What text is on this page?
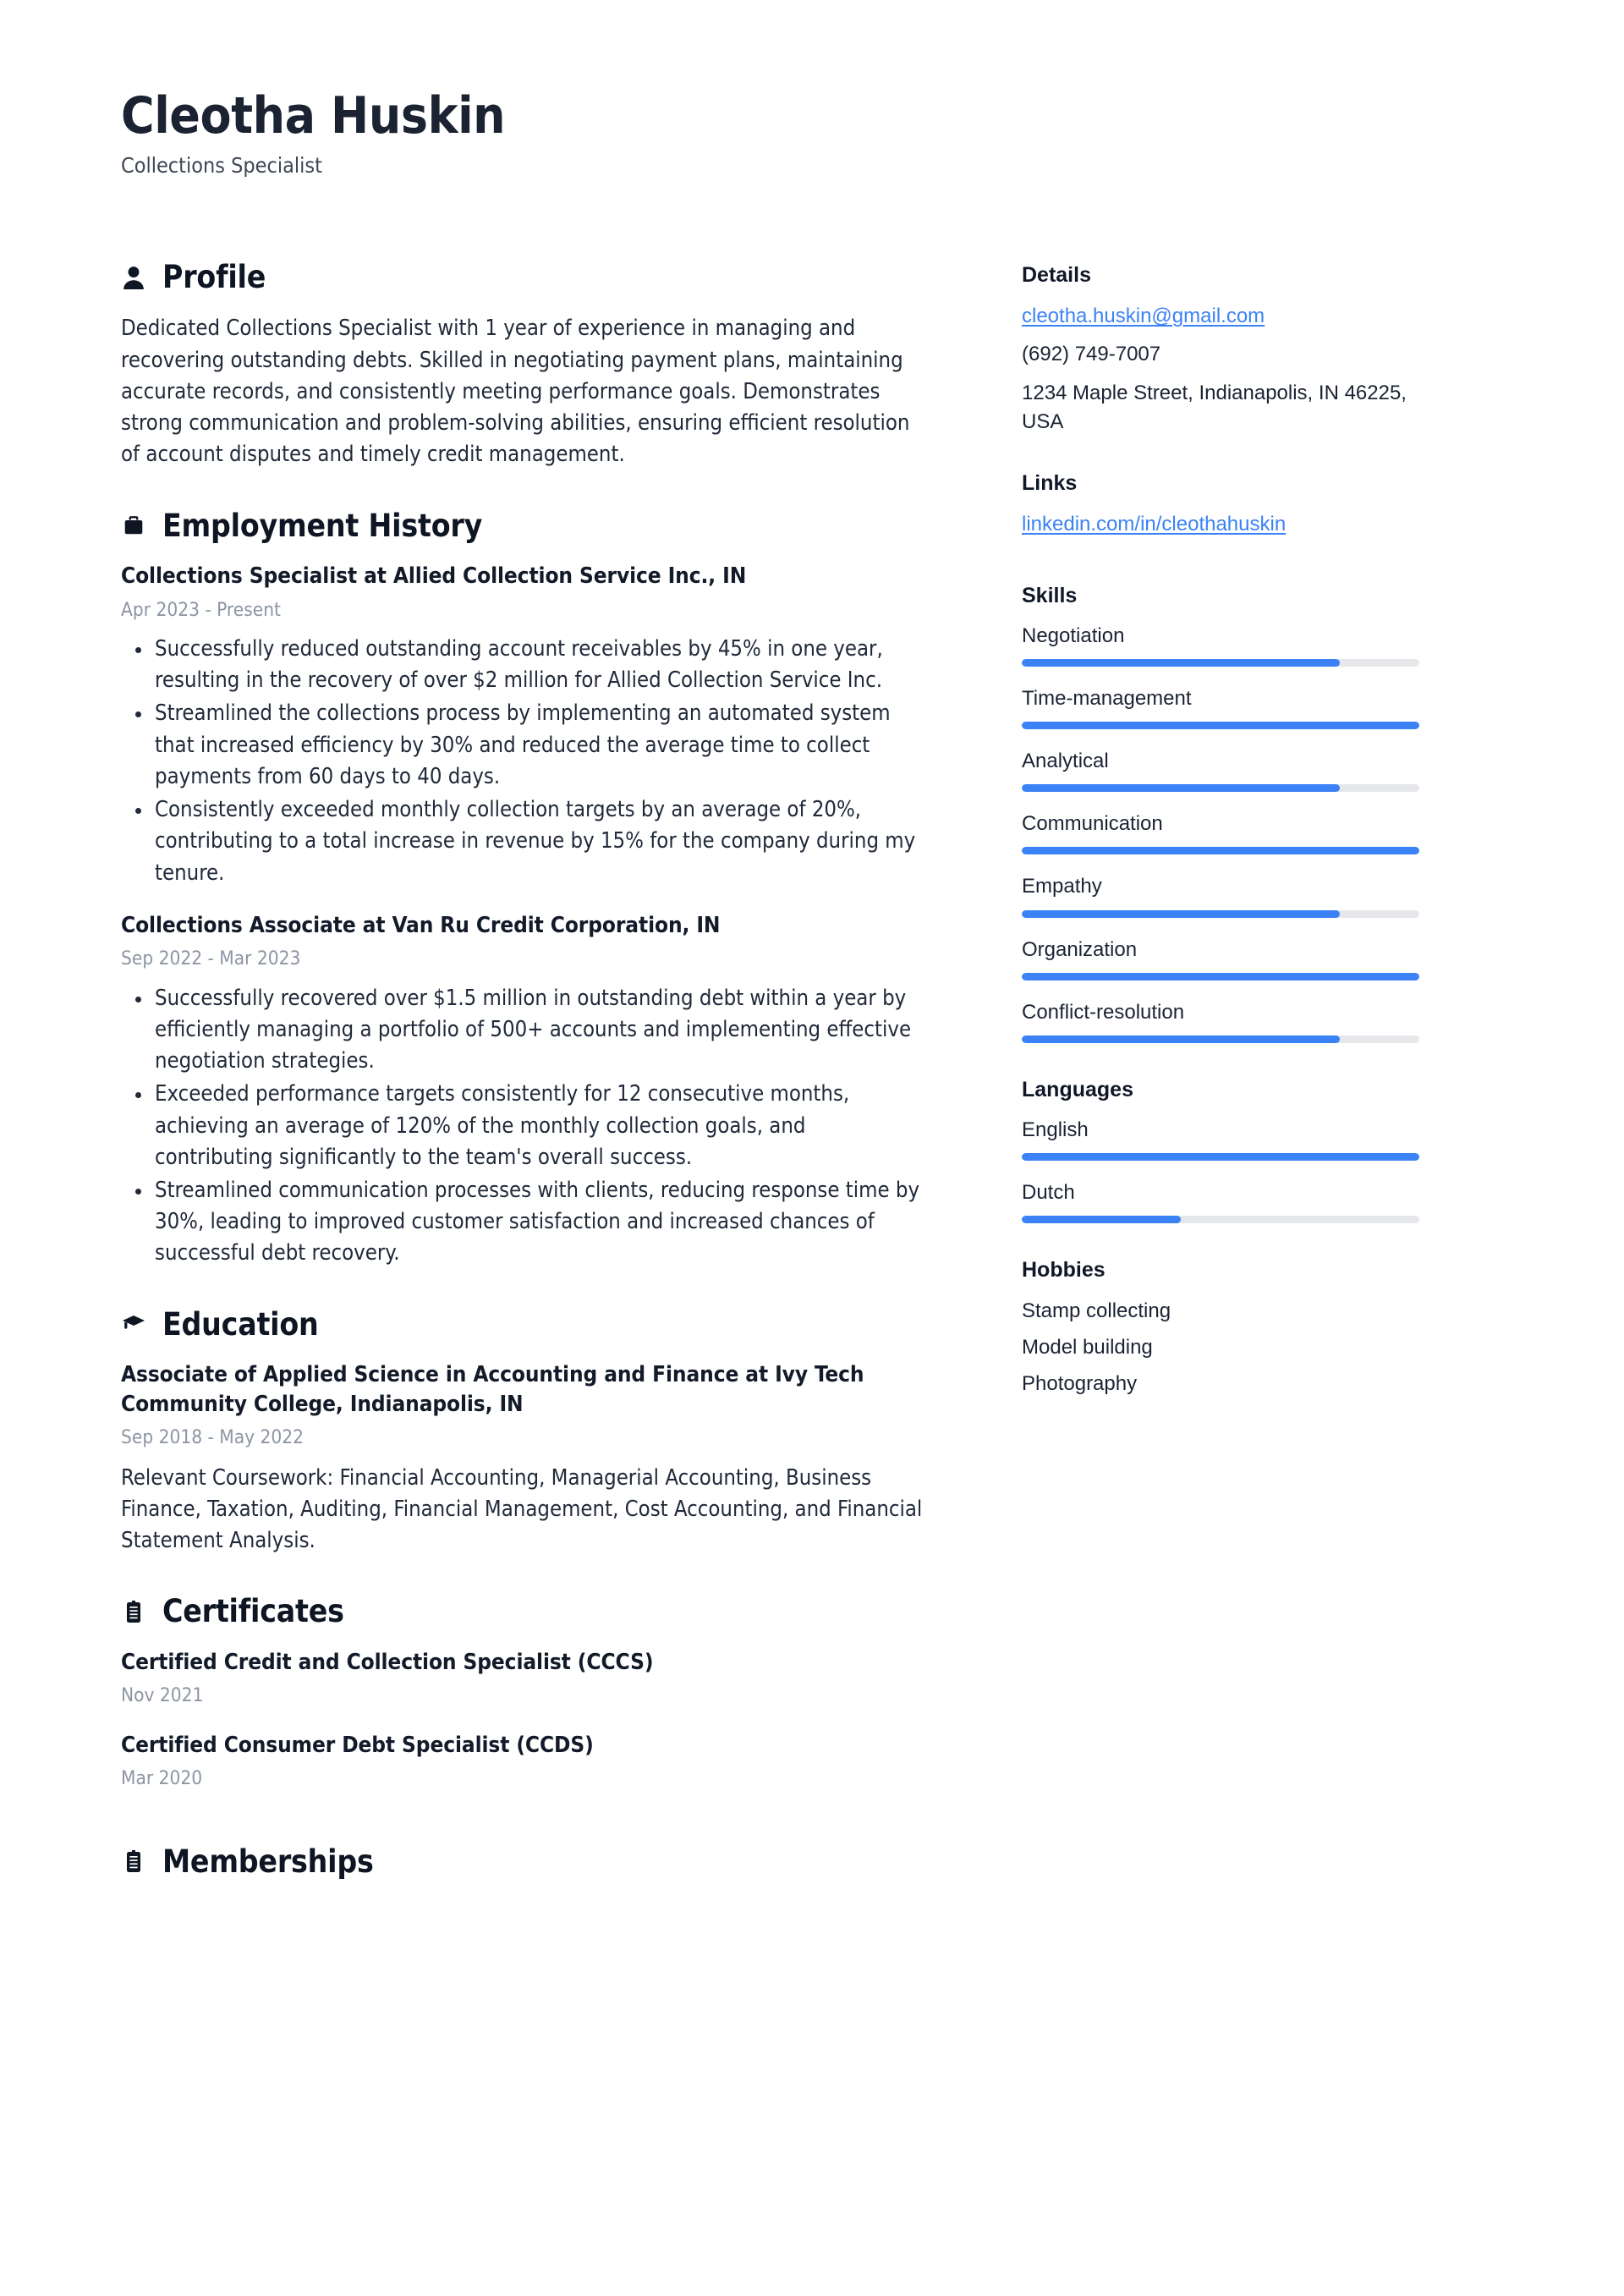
Cleotha Huskin
Collections Specialist
Profile
Dedicated Collections Specialist with 1 year of experience in managing and recovering outstanding debts. Skilled in negotiating payment plans, maintaining accurate records, and consistently meeting performance goals. Demonstrates strong communication and problem-solving abilities, ensuring efficient resolution of account disputes and timely credit management.
Employment History
Collections Specialist at Allied Collection Service Inc., IN
Apr 2023 - Present
Successfully reduced outstanding account receivables by 45% in one year, resulting in the recovery of over $2 million for Allied Collection Service Inc.
Streamlined the collections process by implementing an automated system that increased efficiency by 30% and reduced the average time to collect payments from 60 days to 40 days.
Consistently exceeded monthly collection targets by an average of 20%, contributing to a total increase in revenue by 15% for the company during my tenure.
Collections Associate at Van Ru Credit Corporation, IN
Sep 2022 - Mar 2023
Successfully recovered over $1.5 million in outstanding debt within a year by efficiently managing a portfolio of 500+ accounts and implementing effective negotiation strategies.
Exceeded performance targets consistently for 12 consecutive months, achieving an average of 120% of the monthly collection goals, and contributing significantly to the team's overall success.
Streamlined communication processes with clients, reducing response time by 30%, leading to improved customer satisfaction and increased chances of successful debt recovery.
Education
Associate of Applied Science in Accounting and Finance at Ivy Tech Community College, Indianapolis, IN
Sep 2018 - May 2022
Relevant Coursework: Financial Accounting, Managerial Accounting, Business Finance, Taxation, Auditing, Financial Management, Cost Accounting, and Financial Statement Analysis.
Certificates
Certified Credit and Collection Specialist (CCCS)
Nov 2021
Certified Consumer Debt Specialist (CCDS)
Mar 2020
Memberships
Details
cleotha.huskin@gmail.com
(692) 749-7007
1234 Maple Street, Indianapolis, IN 46225, USA
Links
linkedin.com/in/cleothahuskin
Skills
Negotiation
Time-management
Analytical
Communication
Empathy
Organization
Conflict-resolution
Languages
English
Dutch
Hobbies
Stamp collecting
Model building
Photography
